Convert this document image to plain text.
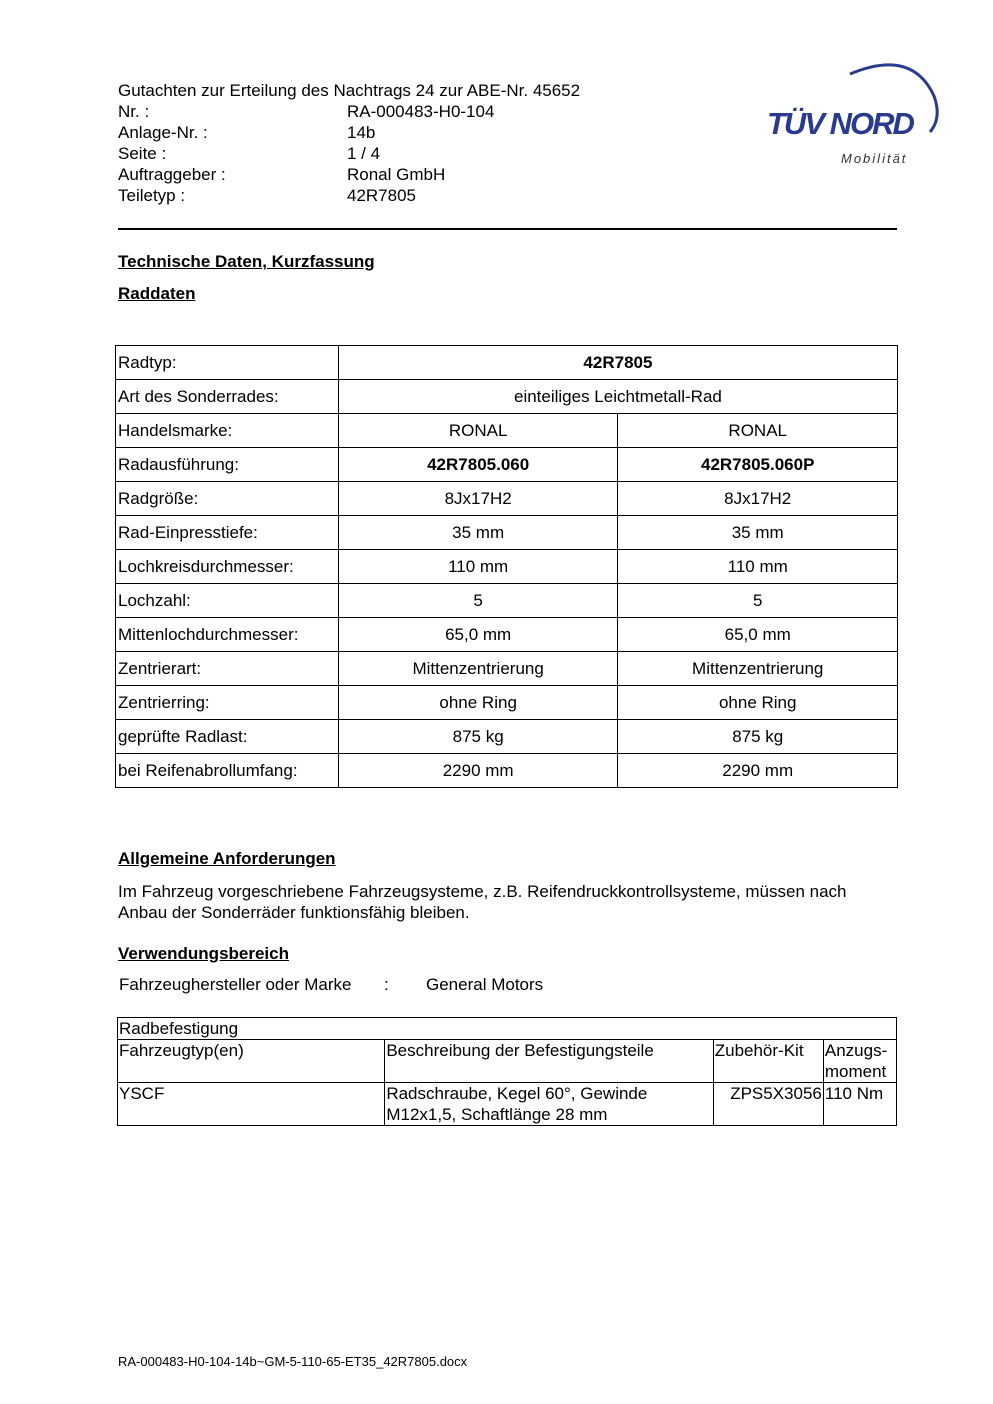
Gutachten zur Erteilung des Nachtrags 24 zur ABE-Nr. 45652
Nr. :	RA-000483-H0-104
Anlage-Nr. :	14b
Seite :	1 / 4
Auftraggeber :	Ronal GmbH
Teiletyp :	42R7805
TÜV NORD
Mobilität
Technische Daten, Kurzfassung
Raddaten
Radtyp:	42R7805	
Art des Sonderrades:	einteiliges Leichtmetall-Rad	
Handelsmarke:	RONAL	RONAL
Radausführung:	42R7805.060	42R7805.060P
Radgröße:	8Jx17H2	8Jx17H2
Rad-Einpresstiefe:	35 mm	35 mm
Lochkreisdurchmesser:	110 mm	110 mm
Lochzahl:	5	5
Mittenlochdurchmesser:	65,0 mm	65,0 mm
Zentrierart:	Mittenzentrierung	Mittenzentrierung
Zentrierring:	ohne Ring	ohne Ring
geprüfte Radlast:	875 kg	875 kg
bei Reifenabrollumfang:	2290 mm	2290 mm
Allgemeine Anforderungen
Im Fahrzeug vorgeschriebene Fahrzeugsysteme, z.B. Reifendruckkontrollsysteme, müssen nach Anbau der Sonderräder funktionsfähig bleiben.
Verwendungsbereich
Fahrzeughersteller oder Marke : General Motors
Radbefestigung			
Fahrzeugtyp(en)	Beschreibung der Befestigungsteile	Zubehör-Kit	Anzugs-moment
YSCF	Radschraube, Kegel 60°, Gewinde M12x1,5, Schaftlänge 28 mm	ZPS5X3056	110 Nm
RA-000483-H0-104-14b~GM-5-110-65-ET35_42R7805.docx
